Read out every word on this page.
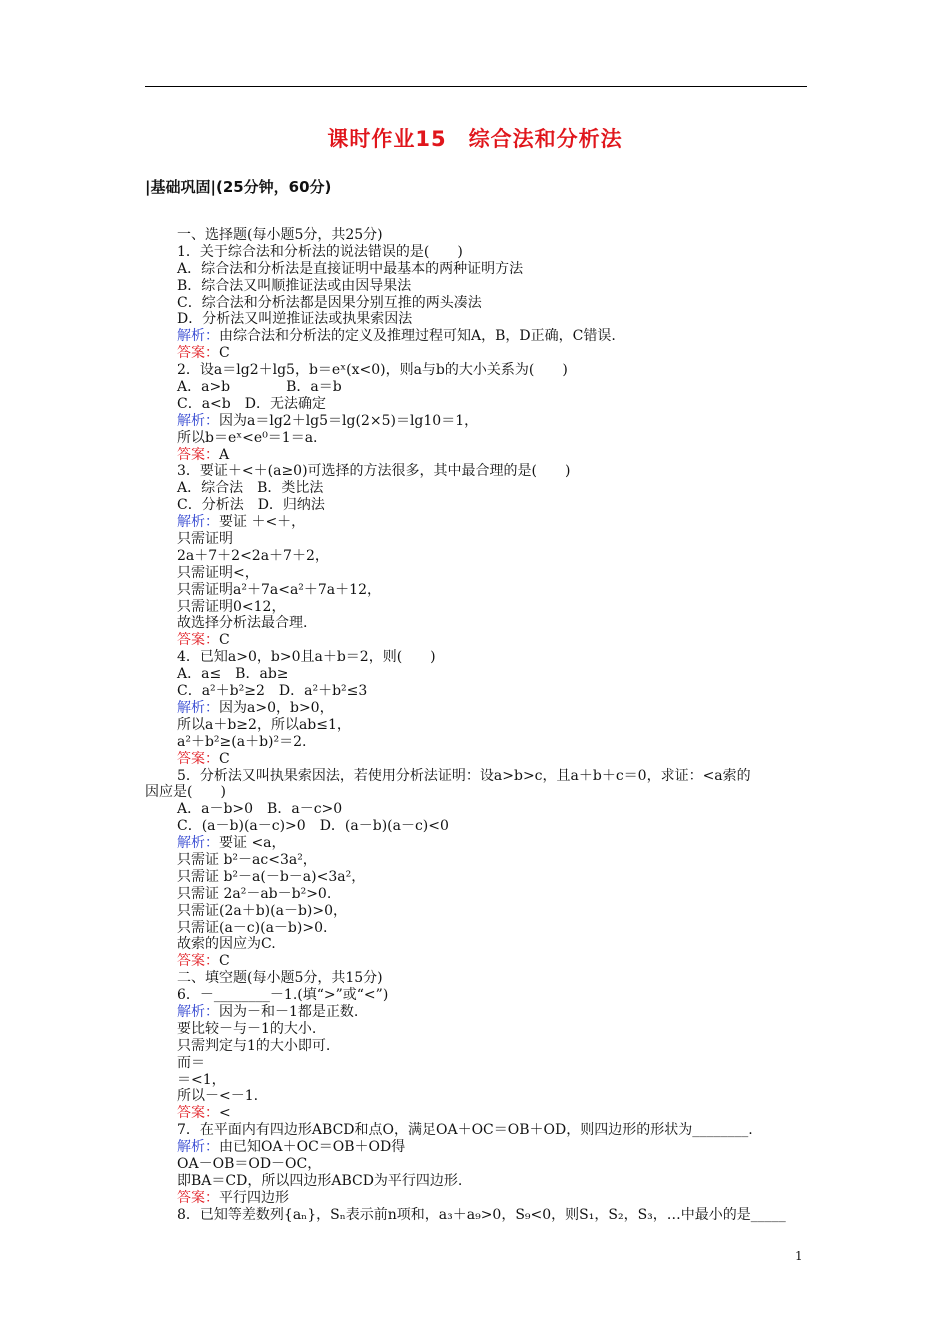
课时作业15　综合法和分析法
|基础巩固|(25分钟，60分)
一、选择题(每小题5分，共25分)
1．关于综合法和分析法的说法错误的是(　　)
A．综合法和分析法是直接证明中最基本的两种证明方法
B．综合法又叫顺推证法或由因导果法
C．综合法和分析法都是因果分别互推的两头凑法
D．分析法又叫逆推证法或执果索因法
解析：由综合法和分析法的定义及推理过程可知A，B，D正确，C错误.
答案：C
2．设a＝lg2＋lg5，b＝eˣ(x<0)，则a与b的大小关系为(　　)
A．a>b　　　　B．a＝b
C．a<b　D．无法确定
解析：因为a＝lg2＋lg5＝lg(2×5)＝lg10＝1，
所以b＝eˣ<e⁰＝1＝a.
答案：A
3．要证＋<＋(a≥0)可选择的方法很多，其中最合理的是(　　)
A．综合法　B．类比法
C．分析法　D．归纳法
解析：要证 ＋<＋，
只需证明
2a＋7＋2<2a＋7＋2，
只需证明<，
只需证明a²＋7a<a²＋7a＋12，
只需证明0<12，
故选择分析法最合理.
答案：C
4．已知a>0，b>0且a＋b＝2，则(　　)
A．a≤　B．ab≥
C．a²＋b²≥2　D．a²＋b²≤3
解析：因为a>0，b>0，
所以a＋b≥2，所以ab≤1，
a²＋b²≥(a＋b)²＝2.
答案：C
5．分析法又叫执果索因法，若使用分析法证明：设a>b>c，且a＋b＋c＝0，求证：<a索的
因应是(　　)
A．a－b>0　B．a－c>0
C．(a－b)(a－c)>0　D．(a－b)(a－c)<0
解析：要证 <a，
只需证 b²－ac<3a²，
只需证 b²－a(－b－a)<3a²，
只需证 2a²－ab－b²>0.
只需证(2a＋b)(a－b)>0，
只需证(a－c)(a－b)>0.
故索的因应为C.
答案：C
二、填空题(每小题5分，共15分)
6．－________－1.(填“>”或“<”)
解析：因为－和－1都是正数.
要比较－与－1的大小.
只需判定与1的大小即可.
而＝
＝<1，
所以－<－1.
答案：<
7．在平面内有四边形ABCD和点O，满足OA＋OC＝OB＋OD，则四边形的形状为________.
解析：由已知OA＋OC＝OB＋OD得
OA－OB＝OD－OC，
即BA＝CD，所以四边形ABCD为平行四边形.
答案：平行四边形
8．已知等差数列{aₙ}，Sₙ表示前n项和，a₃＋a₉>0，S₉<0，则S₁，S₂，S₃，…中最小的是_____
1
